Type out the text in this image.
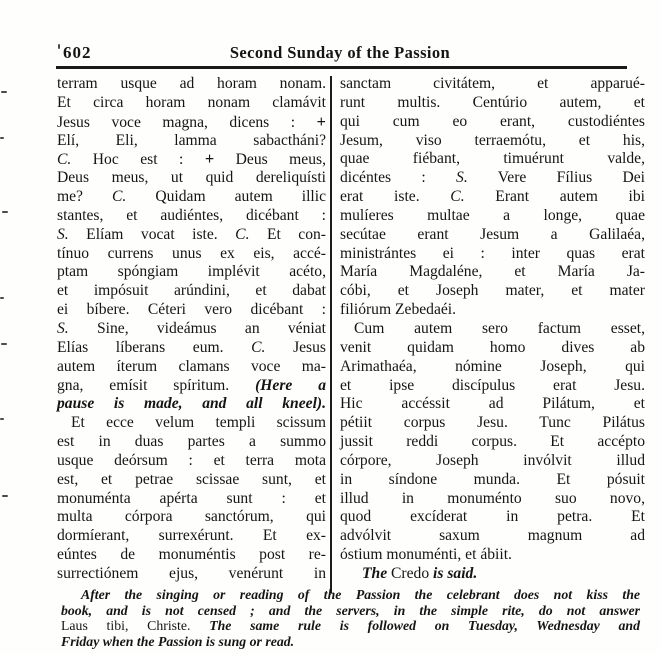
602	Second Sunday of the Passion
terram usque ad horam nonam.
Et circa horam nonam clamávit
Jesus voce magna, dicens : +
Elí, Eli, lamma sabactháni?
C. Hoc est : + Deus meus,
Deus meus, ut quid dereliquísti
me? C. Quidam autem illic
stantes, et audiéntes, dicébant :
S. Elíam vocat iste. C. Et con-
tínuo currens unus ex eis, accé-
ptam spóngiam implévit acéto,
et impósuit arúndini, et dabat
ei bíbere. Céteri vero dicébant :
S. Sine, videámus an véniat
Elías líberans eum. C. Jesus
autem íterum clamans voce ma-
gna, emísit spíritum. (Here a
pause is made, and all kneel).
Et ecce velum templi scissum
est in duas partes a summo
usque deórsum : et terra mota
est, et petrae scissae sunt, et
monuménta apérta sunt : et
multa córpora sanctórum, qui
dormíerant, surrexérunt. Et ex-
eúntes de monuméntis post re-
surrectiónem ejus, venérunt in
sanctam civitátem, et apparué-
runt multis. Centúrio autem, et
qui cum eo erant, custodiéntes
Jesum, viso terraemótu, et his,
quae fiébant, timuérunt valde,
dicéntes : S. Vere Fílius Dei
erat iste. C. Erant autem ibi
mulíeres multae a longe, quae
secútae erant Jesum a Galilaéa,
ministrántes ei : inter quas erat
María Magdaléne, et María Ja-
cóbi, et Joseph mater, et mater
filiórum Zebedaéi.
Cum autem sero factum esset,
venit quidam homo dives ab
Arimathaéa, nómine Joseph, qui
et ipse discípulus erat Jesu.
Hic accéssit ad Pilátum, et
pétiit corpus Jesu. Tunc Pilátus
jussit reddi corpus. Et accépto
córpore, Joseph invólvit illud
in síndone munda. Et pósuit
illud in monuménto suo novo,
quod excíderat in petra. Et
advólvit saxum magnum ad
óstium monuménti, et ábiit.
The Credo is said.
After the singing or reading of the Passion the celebrant does not kiss the
book, and is not censed ; and the servers, in the simple rite, do not answer
Laus tibi, Christe. The same rule is followed on Tuesday, Wednesday and
Friday when the Passion is sung or read.
